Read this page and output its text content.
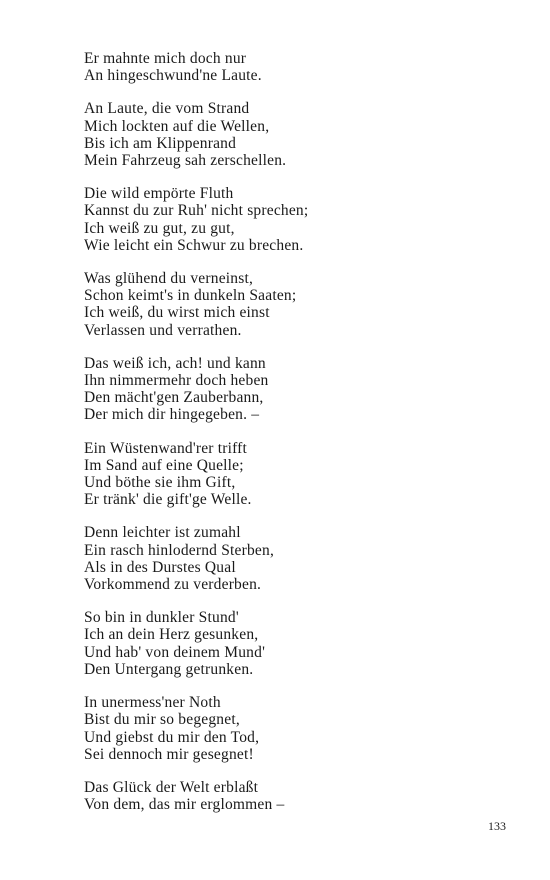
Er mahnte mich doch nur
An hingeschwund'ne Laute.
An Laute, die vom Strand
Mich lockten auf die Wellen,
Bis ich am Klippenrand
Mein Fahrzeug sah zerschellen.
Die wild empörte Fluth
Kannst du zur Ruh' nicht sprechen;
Ich weiß zu gut, zu gut,
Wie leicht ein Schwur zu brechen.
Was glühend du verneinst,
Schon keimt's in dunkeln Saaten;
Ich weiß, du wirst mich einst
Verlassen und verrathen.
Das weiß ich, ach! und kann
Ihn nimmermehr doch heben
Den mächt'gen Zauberbann,
Der mich dir hingegeben. –
Ein Wüstenwand'rer trifft
Im Sand auf eine Quelle;
Und böthe sie ihm Gift,
Er tränk' die gift'ge Welle.
Denn leichter ist zumahl
Ein rasch hinlodernd Sterben,
Als in des Durstes Qual
Vorkommend zu verderben.
So bin in dunkler Stund'
Ich an dein Herz gesunken,
Und hab' von deinem Mund'
Den Untergang getrunken.
In unermess'ner Noth
Bist du mir so begegnet,
Und giebst du mir den Tod,
Sei dennoch mir gesegnet!
Das Glück der Welt erblaßt
Von dem, das mir erglommen –
133
